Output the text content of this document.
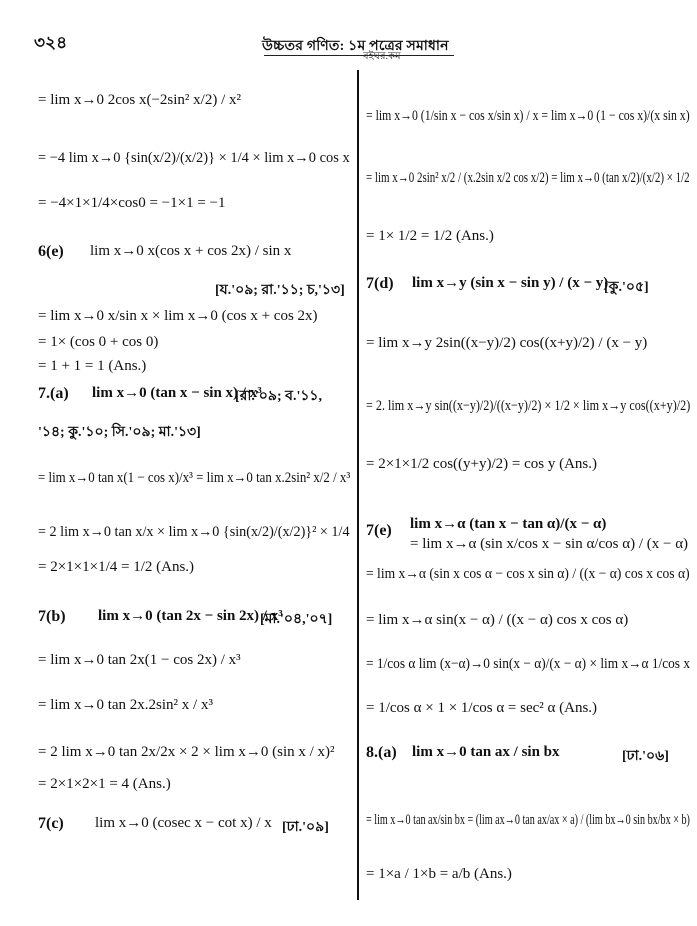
৩২৪	উচ্চতর গণিত: ১ম পত্রের সমাধান
বইঘর.কম
= lim x→0 2cos x(−2sin² x/2) / x²
= −4 lim x→0 {sin(x/2)/(x/2)} × 1/4 × lim x→0 cos x
= −4×1×1/4×cos0 = −1×1 = −1
6(e) lim x→0 x(cos x + cos 2x) / sin x
[য.'০৯; রা.'১১; চ,'১৩]
= lim x→0 x/sin x × lim x→0 (cos x + cos 2x)
= 1× (cos 0 + cos 0)
= 1 + 1 = 1 (Ans.)
7.(a) lim x→0 (tan x − sin x) / x³
[রা.'০৯; ব.'১১,
'১৪; কু.'১০; সি.'০৯; মা.'১৩]
= lim x→0 tan x(1 − cos x)/x³ = lim x→0 tan x.2sin² x/2 / x³
= 2 lim x→0 tan x/x × lim x→0 {sin(x/2)/(x/2)}² × 1/4
= 2×1×1×1/4 = 1/2 (Ans.)
7(b) lim x→0 (tan 2x − sin 2x) / x³
[মা.'০৪,'০৭]
= lim x→0 tan 2x(1 − cos 2x) / x³
= lim x→0 tan 2x.2sin² x / x³
= 2 lim x→0 tan 2x/2x × 2 × lim x→0 (sin x / x)²
= 2×1×2×1 = 4 (Ans.)
7(c) lim x→0 (cosec x − cot x) / x [ঢা.'০৯]
= lim x→0 (1/sin x − cos x/sin x) / x = lim x→0 (1 − cos x)/(x sin x)
= lim x→0 2sin² x/2 / (x.2sin x/2 cos x/2) = lim x→0 (tan x/2)/(x/2) × 1/2
= 1× 1/2 = 1/2 (Ans.)
7(d) lim x→y (sin x − sin y) / (x − y)
[কু.'০৫]
= lim x→y 2sin((x−y)/2) cos((x+y)/2) / (x − y)
= 2. lim x→y sin((x−y)/2)/((x−y)/2) × 1/2 × lim x→y cos((x+y)/2)
= 2×1×1/2 cos((y+y)/2) = cos y (Ans.)
7(e) lim x→α (tan x − tan α)/(x − α)
= lim x→α (sin x/cos x − sin α/cos α) / (x − α)
= lim x→α (sin x cos α − cos x sin α) / ((x − α) cos x cos α)
= lim x→α sin(x − α) / ((x − α) cos x cos α)
= 1/cos α lim (x−α)→0 sin(x − α)/(x − α) × lim x→α 1/cos x
= 1/cos α × 1 × 1/cos α = sec² α (Ans.)
8.(a) lim x→0 tan ax / sin bx	[ঢা.'০৬]
= lim x→0 tan ax/sin bx = (lim ax→0 tan ax/ax × a) / (lim bx→0 sin bx/bx × b)
= 1×a / 1×b = a/b (Ans.)
